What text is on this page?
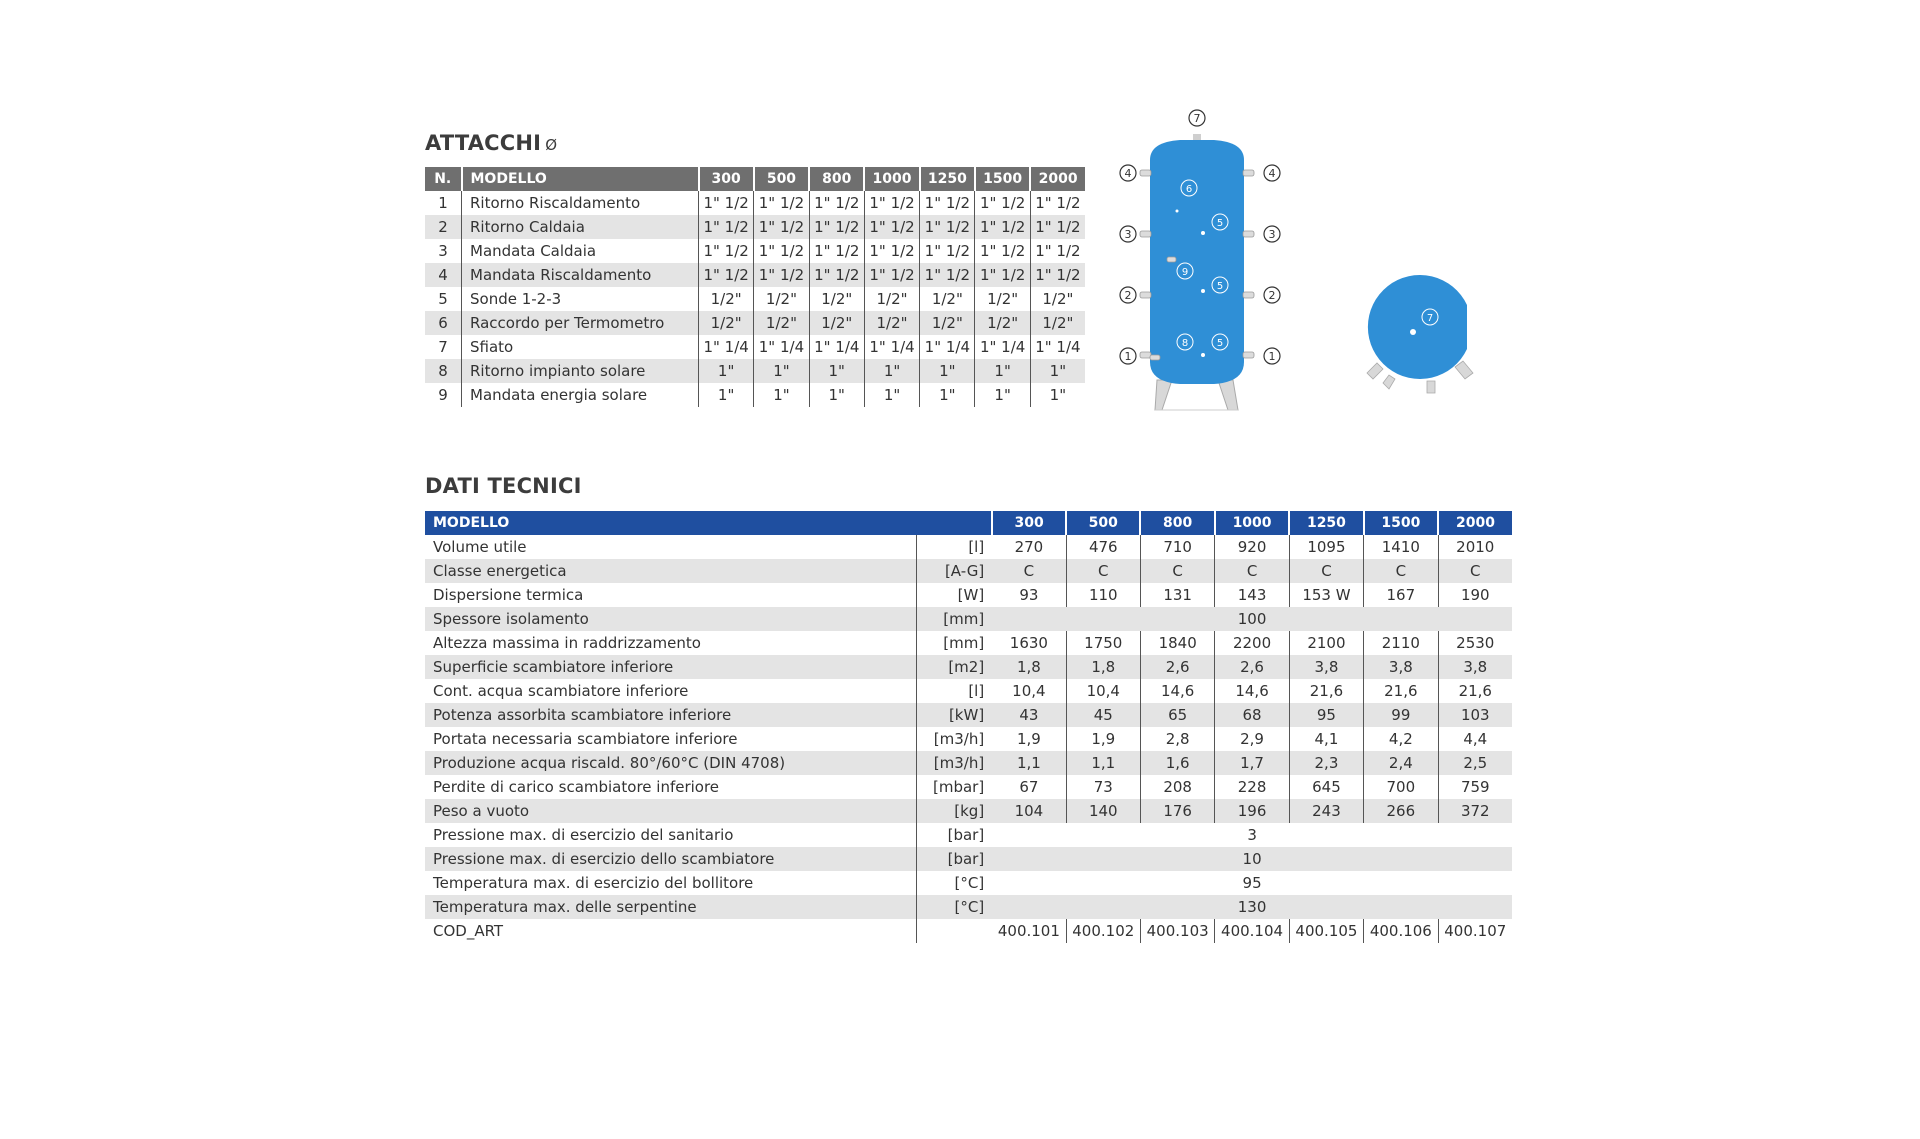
ATTACCHI Ø
N.	MODELLO	300	500	800	1000	1250	1500	2000
1	Ritorno Riscaldamento	1" 1/2	1" 1/2	1" 1/2	1" 1/2	1" 1/2	1" 1/2	1" 1/2
2	Ritorno Caldaia	1" 1/2	1" 1/2	1" 1/2	1" 1/2	1" 1/2	1" 1/2	1" 1/2
3	Mandata Caldaia	1" 1/2	1" 1/2	1" 1/2	1" 1/2	1" 1/2	1" 1/2	1" 1/2
4	Mandata Riscaldamento	1" 1/2	1" 1/2	1" 1/2	1" 1/2	1" 1/2	1" 1/2	1" 1/2
5	Sonde 1-2-3	1/2"	1/2"	1/2"	1/2"	1/2"	1/2"	1/2"
6	Raccordo per Termometro	1/2"	1/2"	1/2"	1/2"	1/2"	1/2"	1/2"
7	Sfiato	1" 1/4	1" 1/4	1" 1/4	1" 1/4	1" 1/4	1" 1/4	1" 1/4
8	Ritorno impianto solare	1"	1"	1"	1"	1"	1"	1"
9	Mandata energia solare	1"	1"	1"	1"	1"	1"	1"
4	4
3	3
2	2
1	1
7
6
5
9
5
8	5
7
DATI TECNICI
MODELLO		300	500	800	1000	1250	1500	2000
Volume utile	[l]	270	476	710	920	1095	1410	2010
Classe energetica	[A-G]	C	C	C	C	C	C	C
Dispersione termica	[W]	93	110	131	143	153 W	167	190
Spessore isolamento	[mm]	100						
Altezza massima in raddrizzamento	[mm]	1630	1750	1840	2200	2100	2110	2530
Superficie scambiatore inferiore	[m2]	1,8	1,8	2,6	2,6	3,8	3,8	3,8
Cont. acqua scambiatore inferiore	[l]	10,4	10,4	14,6	14,6	21,6	21,6	21,6
Potenza assorbita scambiatore inferiore	[kW]	43	45	65	68	95	99	103
Portata necessaria scambiatore inferiore	[m3/h]	1,9	1,9	2,8	2,9	4,1	4,2	4,4
Produzione acqua riscald. 80°/60°C (DIN 4708)	[m3/h]	1,1	1,1	1,6	1,7	2,3	2,4	2,5
Perdite di carico scambiatore inferiore	[mbar]	67	73	208	228	645	700	759
Peso a vuoto	[kg]	104	140	176	196	243	266	372
Pressione max. di esercizio del sanitario	[bar]	3						
Pressione max. di esercizio dello scambiatore	[bar]	10						
Temperatura max. di esercizio del bollitore	[°C]	95						
Temperatura max. delle serpentine	[°C]	130						
COD_ART		400.101	400.102	400.103	400.104	400.105	400.106	400.107
